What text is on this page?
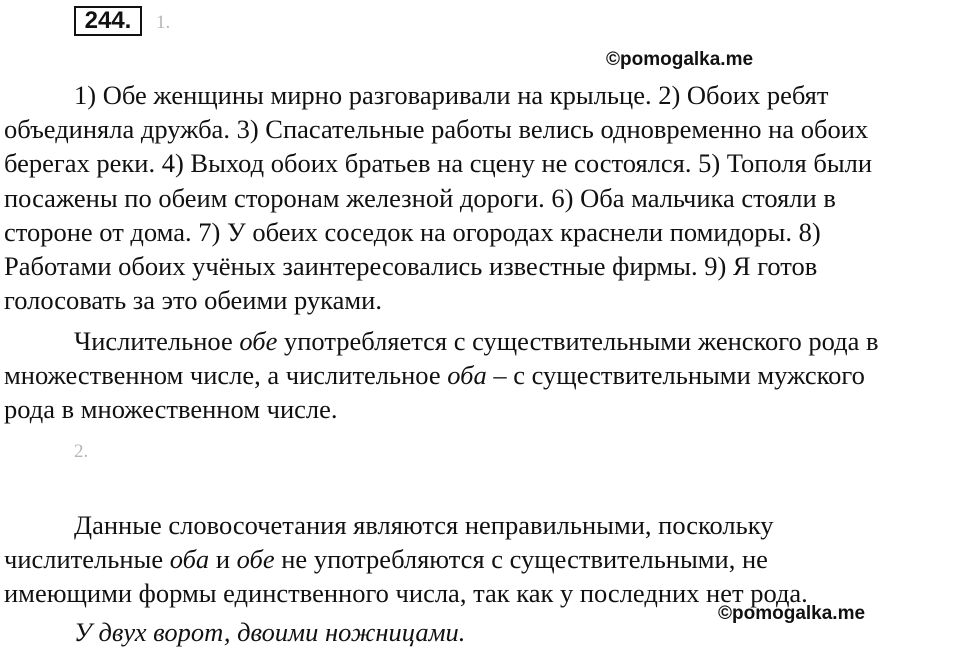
244.	1.
©pomogalka.me

1) Обе женщины мирно разговаривали на крыльце. 2) Обоих ребят
объединяла дружба. 3) Спасательные работы велись одновременно на обоих
берегах реки. 4) Выход обоих братьев на сцену не состоялся. 5) Тополя были
посажены по обеим сторонам железной дороги. 6) Оба мальчика стояли в
стороне от дома. 7) У обеих соседок на огородах краснели помидоры. 8)
Работами обоих учёных заинтересовались известные фирмы. 9) Я готов
голосовать за это обеими руками.

Числительное обе употребляется с существительными женского рода в
множественном числе, а числительное оба – с существительными мужского
рода в множественном числе.

2.

Данные словосочетания являются неправильными, поскольку
числительные оба и обе не употребляются с существительными, не
имеющими формы единственного числа, так как у последних нет рода.

©pomogalka.me

У двух ворот, двоими ножницами.
